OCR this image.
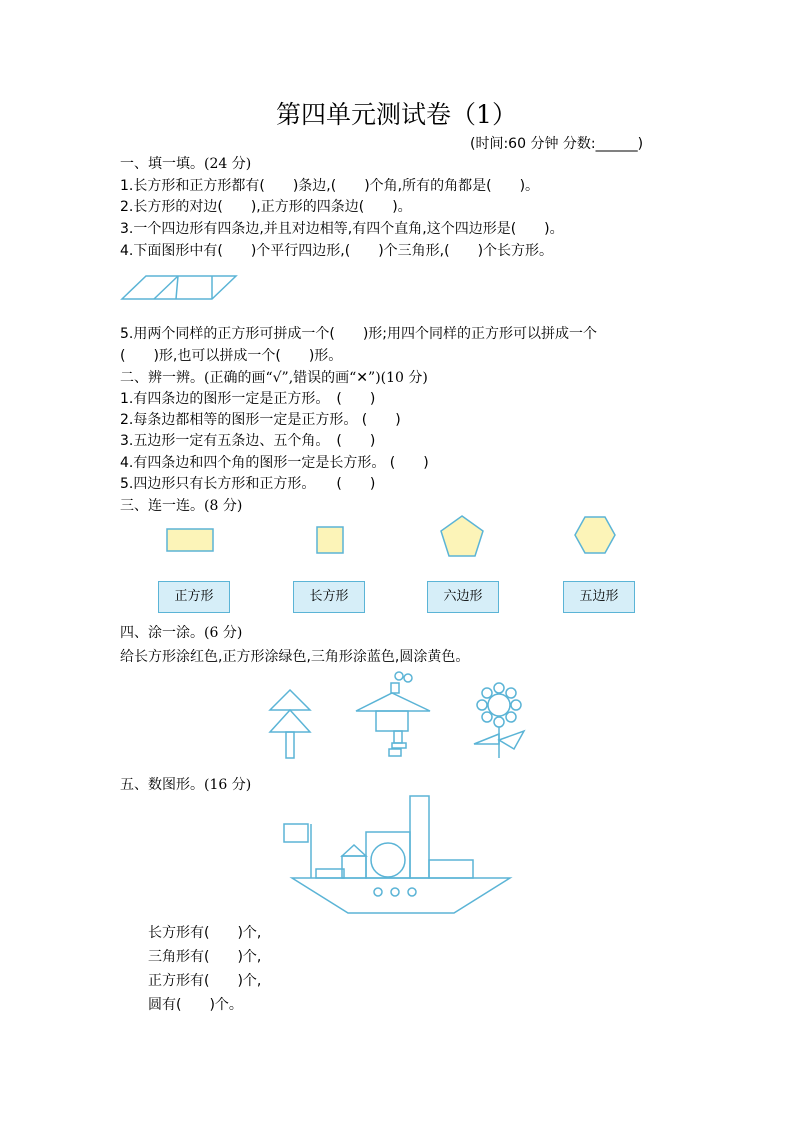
第四单元测试卷（1）
(时间:60 分钟 分数:______)
一、填一填。(24 分)
1.长方形和正方形都有(　　)条边,(　　)个角,所有的角都是(　　)。
2.长方形的对边(　　),正方形的四条边(　　)。
3.一个四边形有四条边,并且对边相等,有四个直角,这个四边形是(　　)。
4.下面图形中有(　　)个平行四边形,(　　)个三角形,(　　)个长方形。
5.用两个同样的正方形可拼成一个(　　)形;用四个同样的正方形可以拼成一个
(　　)形,也可以拼成一个(　　)形。
二、辨一辨。(正确的画“√”,错误的画“✕”)(10 分)
1.有四条边的图形一定是正方形。　(　　)
2.每条边都相等的图形一定是正方形。 (　　)
3.五边形一定有五条边、五个角。　(　　)
4.有四条边和四个角的图形一定是长方形。 (　　)
5.四边形只有长方形和正方形。　　(　　)
三、连一连。(8 分)
正方形	长方形	六边形	五边形
四、涂一涂。(6 分)
给长方形涂红色,正方形涂绿色,三角形涂蓝色,圆涂黄色。
五、数图形。(16 分)
长方形有(　　)个,
三角形有(　　)个,
正方形有(　　)个,
圆有(　　)个。
